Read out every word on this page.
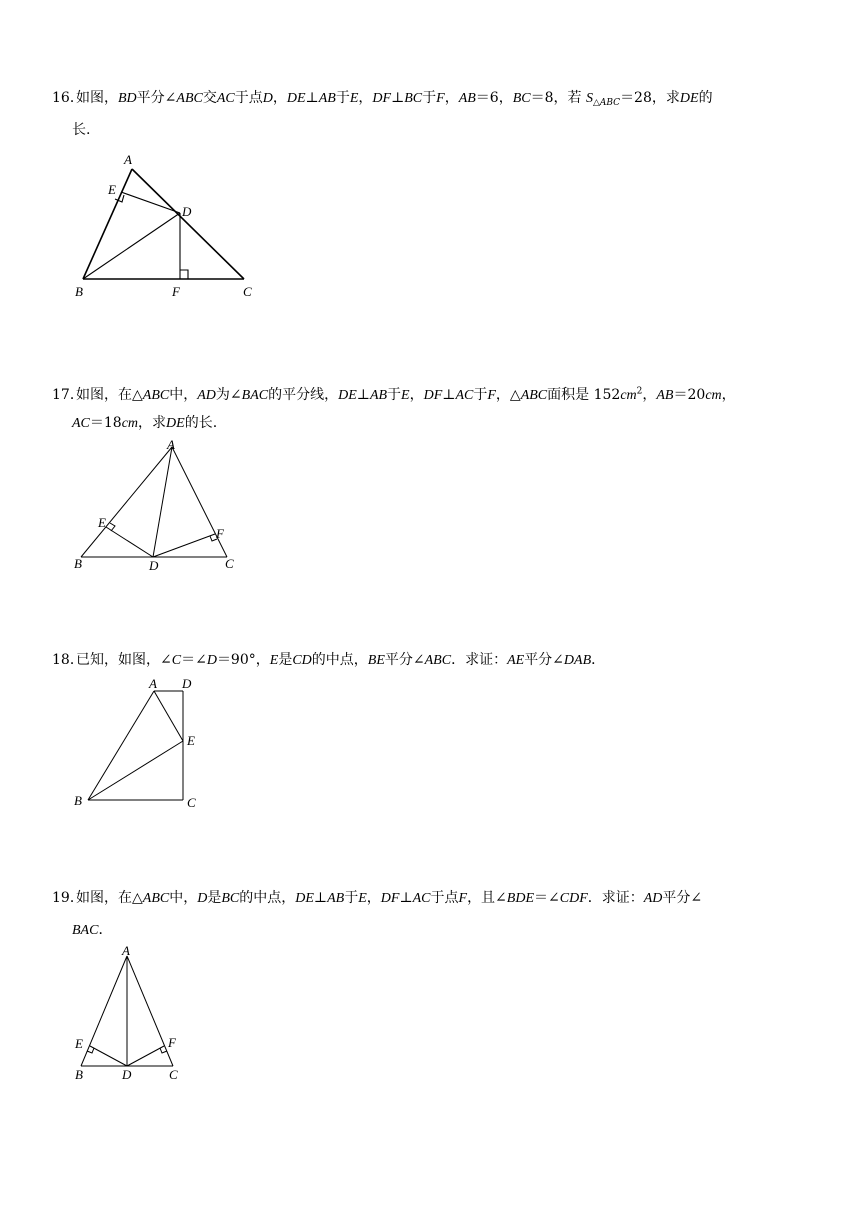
16．如图，BD平分∠ABC交AC于点D，DE⊥AB于E，DF⊥BC于F，AB＝6，BC＝8，若 $S_{\triangle ABC}=28$，求DE的
长.
A
E
D
B	F	C
17．如图，在△ABC中，AD为∠BAC的平分线，DE⊥AB于E，DF⊥AC于F，△ABC面积是 $152cm^2$，AB＝20cm，
AC＝18cm，求DE的长.
A
E
F
B	D	C
18．已知，如图，∠C＝∠D＝90°，E是CD的中点，BE平分∠ABC．求证：AE平分∠DAB．
A D
E
B	C
19．如图，在△ABC中，D是BC的中点，DE⊥AB于E，DF⊥AC于点F，且∠BDE＝∠CDF．求证：AD平分∠
BAC．
A
E	F
B	D	C
